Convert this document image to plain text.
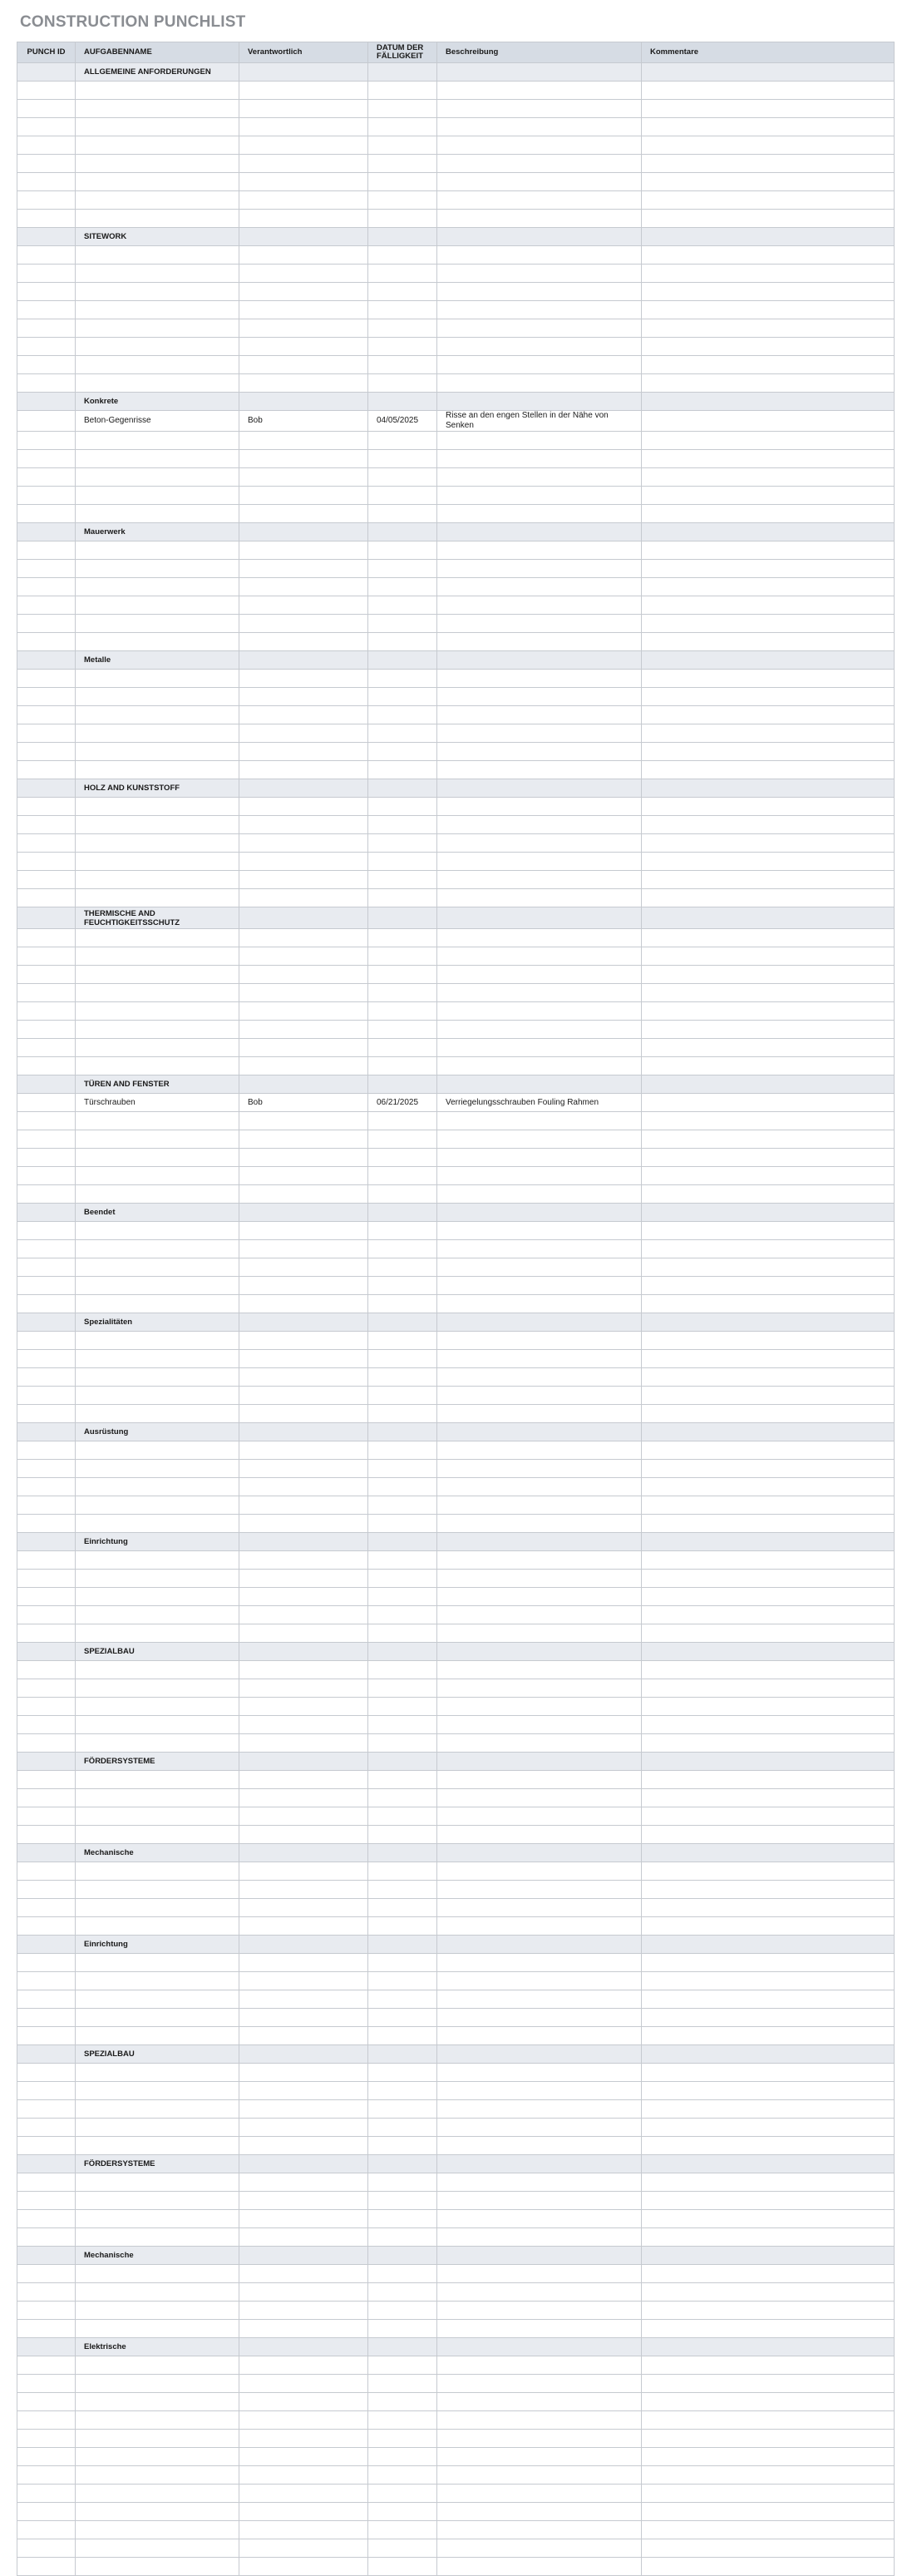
CONSTRUCTION PUNCHLIST
PUNCH ID	AUFGABENNAME	Verantwortlich	DATUM DER FÄLLIGKEIT	Beschreibung	Kommentare
	ALLGEMEINE ANFORDERUNGEN				

	SITEWORK				

	Konkrete				
	Beton-Gegenrisse	Bob	04/05/2025	Risse an den engen Stellen in der Nähe von Senken	

	Mauerwerk				

	Metalle				

	HOLZ AND KUNSTSTOFF				

	THERMISCHE AND FEUCHTIGKEITSSCHUTZ				

	TÜREN AND FENSTER				
	Türschrauben	Bob	06/21/2025	Verriegelungsschrauben Fouling Rahmen	

	Beendet				

	Spezialitäten				

	Ausrüstung				

	Einrichtung				

	SPEZIALBAU				

	FÖRDERSYSTEME				

	Mechanische				

	Einrichtung				

	SPEZIALBAU				

	FÖRDERSYSTEME				

	Mechanische				

	Elektrische				
